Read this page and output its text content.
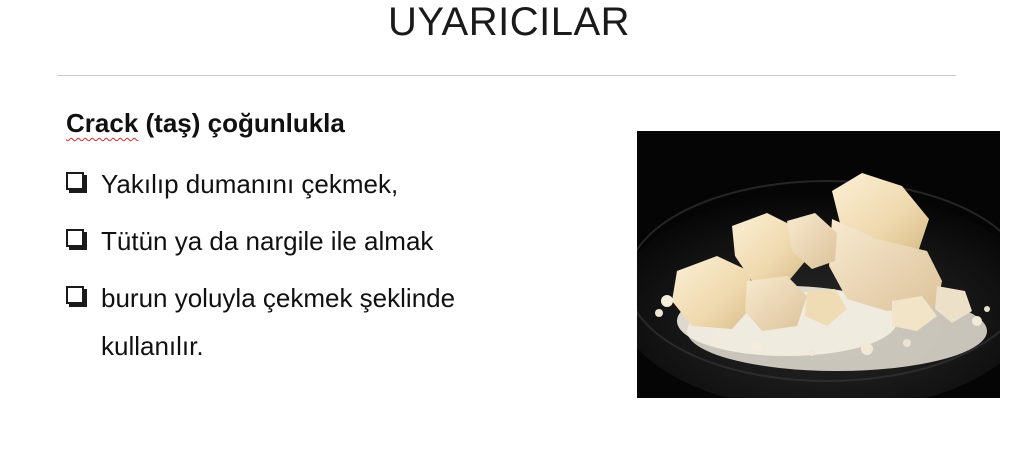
UYARICILAR
Crack (taş) çoğunlukla
Yakılıp dumanını çekmek,
Tütün ya da nargile ile almak
burun yoluyla çekmek şeklinde kullanılır.
